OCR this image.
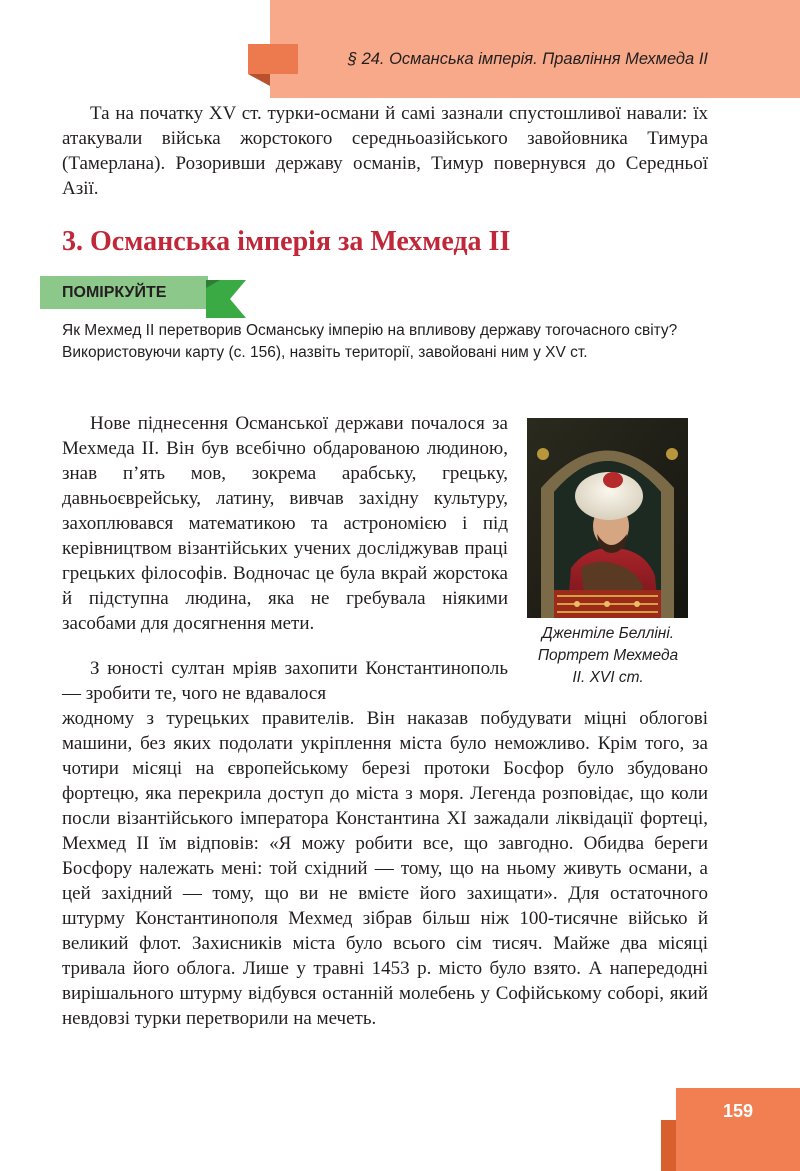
§ 24. Османська імперія. Правління Мехмеда ІІ

Та на початку XV ст. турки-османи й самі зазнали спустошливої навали: їх атакували війська жорстокого середньоазійського завойовника Тимура (Тамерлана). Розоривши державу османів, Тимур повернувся до Середньої Азії.

3. Османська імперія за Мехмеда ІІ
ПОМІРКУЙТЕ

Як Мехмед ІІ перетворив Османську імперію на впливову державу тогочасного світу? Використовуючи карту (с. 156), назвіть території, завойовані ним у XV ст.

Нове піднесення Османської держави почалося за Мехмеда ІІ. Він був всебічно обдарованою людиною, знав п’ять мов, зокрема арабську, грецьку, давньоєврейську, латину, вивчав західну культуру, захоплювався математикою та астрономією і під керівництвом візантійських учених досліджував праці грецьких філософів. Водночас це була вкрай жорстока й підступна людина, яка не гребувала ніякими засобами для досягнення мети.

З юності султан мріяв захопити Константинополь — зробити те, чого не вдавалося

жодному з турецьких правителів. Він наказав побудувати міцні облогові машини, без яких подолати укріплення міста було неможливо. Крім того, за чотири місяці на європейському березі протоки Босфор було збудовано фортецю, яка перекрила доступ до міста з моря. Легенда розповідає, що коли посли візантійського імператора Константина XI зажадали ліквідації фортеці, Мехмед ІІ їм відповів: «Я можу робити все, що завгодно. Обидва береги Босфору належать мені: той східний — тому, що на ньому живуть османи, а цей західний — тому, що ви не вмієте його захищати». Для остаточного штурму Константинополя Мехмед зібрав більш ніж 100-тисячне військо й великий флот. Захисників міста було всього сім тисяч. Майже два місяці тривала його облога. Лише у травні 1453 р. місто було взято. А напередодні вирішального штурму відбувся останній молебень у Софійському соборі, який невдовзі турки перетворили на мечеть.

Джентіле Белліні.
Портрет Мехмеда
ІІ. XVI ст.

159
